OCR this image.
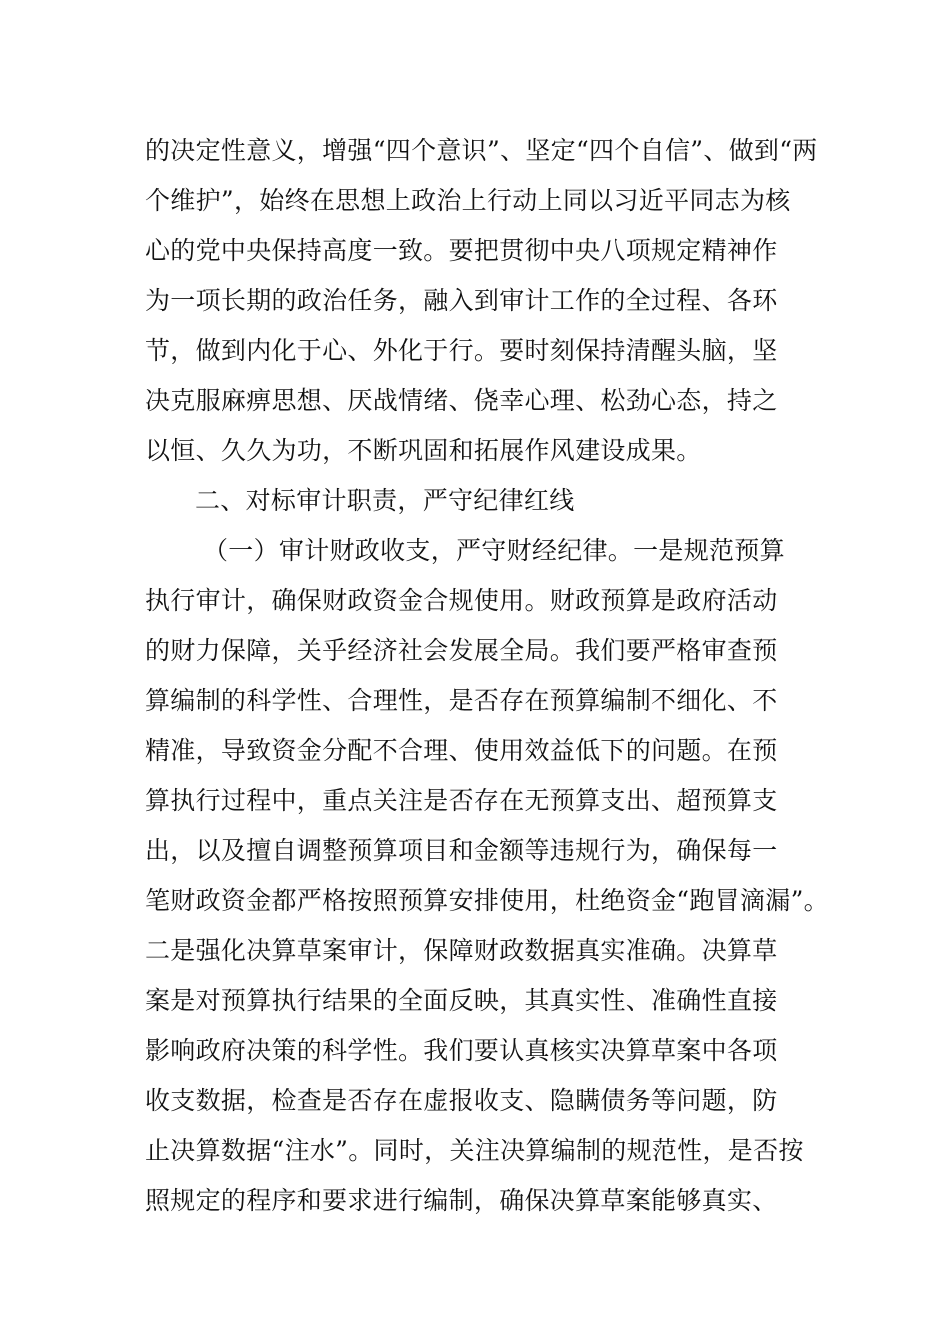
的决定性意义，增强“四个意识”、坚定“四个自信”、做到“两
个维护”，始终在思想上政治上行动上同以习近平同志为核
心的党中央保持高度一致。要把贯彻中央八项规定精神作
为一项长期的政治任务，融入到审计工作的全过程、各环
节，做到内化于心、外化于行。要时刻保持清醒头脑，坚
决克服麻痹思想、厌战情绪、侥幸心理、松劲心态，持之
以恒、久久为功，不断巩固和拓展作风建设成果。
二、对标审计职责，严守纪律红线
（一）审计财政收支，严守财经纪律。一是规范预算
执行审计，确保财政资金合规使用。财政预算是政府活动
的财力保障，关乎经济社会发展全局。我们要严格审查预
算编制的科学性、合理性，是否存在预算编制不细化、不
精准，导致资金分配不合理、使用效益低下的问题。在预
算执行过程中，重点关注是否存在无预算支出、超预算支
出，以及擅自调整预算项目和金额等违规行为，确保每一
笔财政资金都严格按照预算安排使用，杜绝资金“跑冒滴漏”。
二是强化决算草案审计，保障财政数据真实准确。决算草
案是对预算执行结果的全面反映，其真实性、准确性直接
影响政府决策的科学性。我们要认真核实决算草案中各项
收支数据，检查是否存在虚报收支、隐瞒债务等问题，防
止决算数据“注水”。同时，关注决算编制的规范性，是否按
照规定的程序和要求进行编制，确保决算草案能够真实、
